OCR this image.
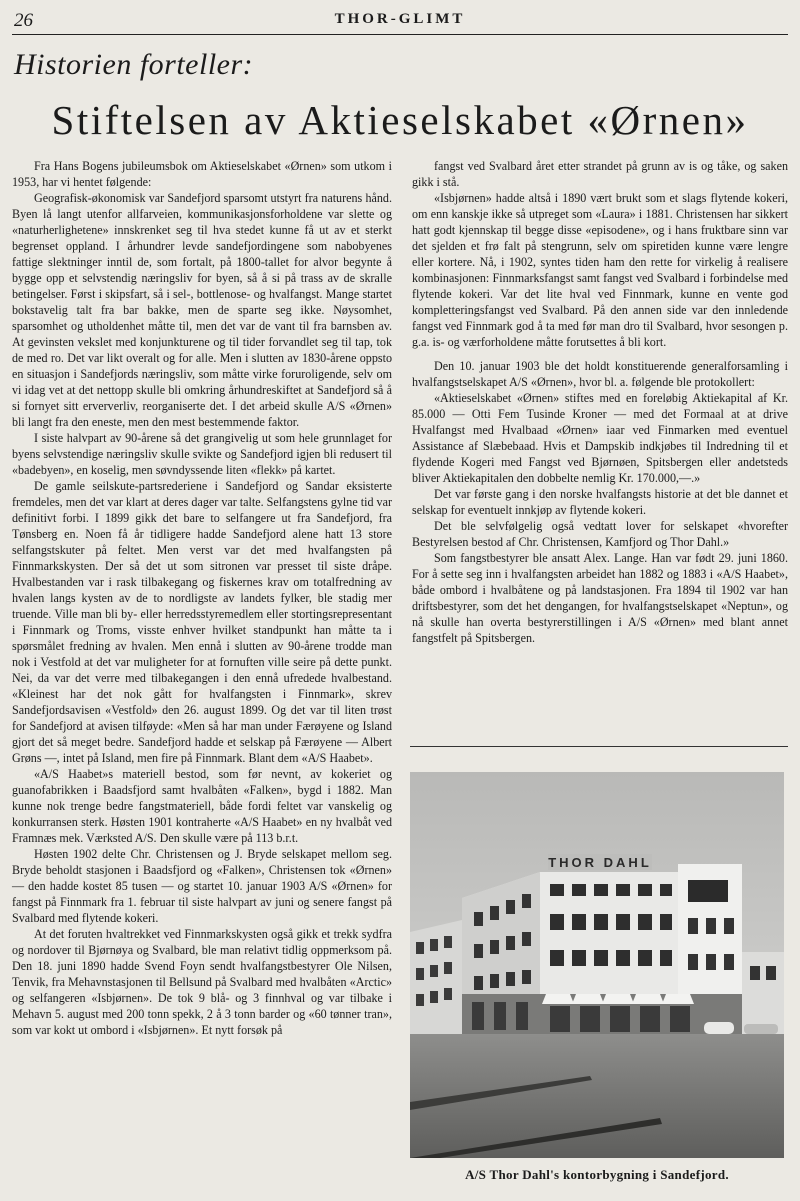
26	THOR-GLIMT
Historien forteller:
Stiftelsen av Aktieselskabet «Ørnen»

Fra Hans Bogens jubileumsbok om Aktieselskabet «Ørnen» som utkom i 1953, har vi hentet følgende:

Geografisk-økonomisk var Sandefjord sparsomt utstyrt fra naturens hånd. Byen lå langt utenfor allfarveien, kommunikasjonsforholdene var slette og «naturherlighetene» innskrenket seg til hva stedet kunne få ut av et sterkt begrenset oppland. I århundrer levde sandefjordingene som nabobyenes fattige slektninger inntil de, som fortalt, på 1800-tallet for alvor begynte å bygge opp et selvstendig næringsliv for byen, så å si på trass av de skralle betingelser. Først i skipsfart, så i sel-, bottlenose- og hvalfangst. Mange startet bokstavelig talt fra bar bakke, men de sparte seg ikke. Nøysomhet, sparsomhet og utholdenhet måtte til, men det var de vant til fra barnsben av. At gevinsten vekslet med konjunkturene og til tider forvandlet seg til tap, tok de med ro. Det var likt overalt og for alle. Men i slutten av 1830-årene oppsto en situasjon i Sandefjords næringsliv, som måtte virke foruroligende, selv om vi idag vet at det nettopp skulle bli omkring århundreskiftet at Sandefjord så å si fornyet sitt erververliv, reorganiserte det. I det arbeid skulle A/S «Ørnen» bli langt fra den eneste, men den mest bestemmende faktor.

I siste halvpart av 90-årene så det grangivelig ut som hele grunnlaget for byens selvstendige næringsliv skulle svikte og Sandefjord igjen bli redusert til «badebyen», en koselig, men søvndyssende liten «flekk» på kartet.

De gamle seilskute-partsrederiene i Sandefjord og Sandar eksisterte fremdeles, men det var klart at deres dager var talte. Selfangstens gylne tid var definitivt forbi. I 1899 gikk det bare to selfangere ut fra Sandefjord, fra Tønsberg en. Noen få år tidligere hadde Sandefjord alene hatt 13 store selfangstskuter på feltet. Men verst var det med hvalfangsten på Finnmarkskysten. Der så det ut som sitronen var presset til siste dråpe. Hvalbestanden var i rask tilbakegang og fiskernes krav om totalfredning av hvalen langs kysten av de to nordligste av landets fylker, ble stadig mer truende. Ville man bli by- eller herredsstyremedlem eller stortingsrepresentant i Finnmark og Troms, visste enhver hvilket standpunkt han måtte ta i spørsmålet fredning av hvalen. Men ennå i slutten av 90-årene trodde man nok i Vestfold at det var muligheter for at fornuften ville seire på dette punkt. Nei, da var det verre med tilbakegangen i den ennå ufredede hvalbestand. «Kleinest har det nok gått for hvalfangsten i Finnmark», skrev Sandefjordsavisen «Vestfold» den 26. august 1899. Og det var til liten trøst for Sandefjord at avisen tilføyde: «Men så har man under Færøyene og Island gjort det så meget bedre. Sandefjord hadde et selskap på Færøyene — Albert Grøns —, intet på Island, men fire på Finnmark. Blant dem «A/S Haabet».

«A/S Haabet»s materiell bestod, som før nevnt, av kokeriet og guanofabrikken i Baadsfjord samt hvalbåten «Falken», bygd i 1882. Man kunne nok trenge bedre fangstmateriell, både fordi feltet var vanskelig og konkurransen sterk. Høsten 1901 kontraherte «A/S Haabet» en ny hvalbåt ved Framnæs mek. Værksted A/S. Den skulle være på 113 b.r.t.

Høsten 1902 delte Chr. Christensen og J. Bryde selskapet mellom seg. Bryde beholdt stasjonen i Baadsfjord og «Falken», Christensen tok «Ørnen» — den hadde kostet 85 tusen — og startet 10. januar 1903 A/S «Ørnen» for fangst på Finnmark fra 1. februar til siste halvpart av juni og senere fangst på Svalbard med flytende kokeri.

At det foruten hvaltrekket ved Finnmarkskysten også gikk et trekk sydfra og nordover til Bjørnøya og Svalbard, ble man relativt tidlig oppmerksom på. Den 18. juni 1890 hadde Svend Foyn sendt hvalfangstbestyrer Ole Nilsen, Tenvik, fra Mehavnstasjonen til Bellsund på Svalbard med hvalbåten «Arctic» og selfangeren «Isbjørnen». De tok 9 blå- og 3 finnhval og var tilbake i Mehavn 5. august med 200 tonn spekk, 2 å 3 tonn barder og «60 tønner tran», som var kokt ut ombord i «Isbjørnen». Et nytt forsøk på

fangst ved Svalbard året etter strandet på grunn av is og tåke, og saken gikk i stå.

«Isbjørnen» hadde altså i 1890 vært brukt som et slags flytende kokeri, om enn kanskje ikke så utpreget som «Laura» i 1881. Christensen har sikkert hatt godt kjennskap til begge disse «episodene», og i hans fruktbare sinn var det sjelden et frø falt på stengrunn, selv om spiretiden kunne være lengre eller kortere. Nå, i 1902, syntes tiden ham den rette for virkelig å realisere kombinasjonen: Finnmarksfangst samt fangst ved Svalbard i forbindelse med flytende kokeri. Var det lite hval ved Finnmark, kunne en vente god kompletteringsfangst ved Svalbard. På den annen side var den innledende fangst ved Finnmark god å ta med før man dro til Svalbard, hvor sesongen p. g.a. is- og værforholdene måtte forutsettes å bli kort.

Den 10. januar 1903 ble det holdt konstituerende generalforsamling i hvalfangstselskapet A/S «Ørnen», hvor bl. a. følgende ble protokollert:

«Aktieselskabet «Ørnen» stiftes med en foreløbig Aktiekapital af Kr. 85.000 — Otti Fem Tusinde Kroner — med det Formaal at at drive Hvalfangst med Hvalbaad «Ørnen» iaar ved Finmarken med eventuel Assistance af Slæbebaad. Hvis et Dampskib indkjøbes til Indredning til et flydende Kogeri med Fangst ved Bjørnøen, Spitsbergen eller andetsteds bliver Aktiekapitalen den dobbelte nemlig Kr. 170.000,—.»

Det var første gang i den norske hvalfangsts historie at det ble dannet et selskap for eventuelt innkjøp av flytende kokeri.

Det ble selvfølgelig også vedtatt lover for selskapet «hvorefter Bestyrelsen bestod af Chr. Christensen, Kamfjord og Thor Dahl.»

Som fangstbestyrer ble ansatt Alex. Lange. Han var født 29. juni 1860. For å sette seg inn i hvalfangsten arbeidet han 1882 og 1883 i «A/S Haabet», både ombord i hvalbåtene og på landstasjonen. Fra 1894 til 1902 var han driftsbestyrer, som det het dengangen, for hvalfangstselskapet «Neptun», og nå skulle han overta bestyrerstillingen i A/S «Ørnen» med blant annet fangstfelt på Spitsbergen.

THOR DAHL
A/S Thor Dahl's kontorbygning i Sandefjord.
